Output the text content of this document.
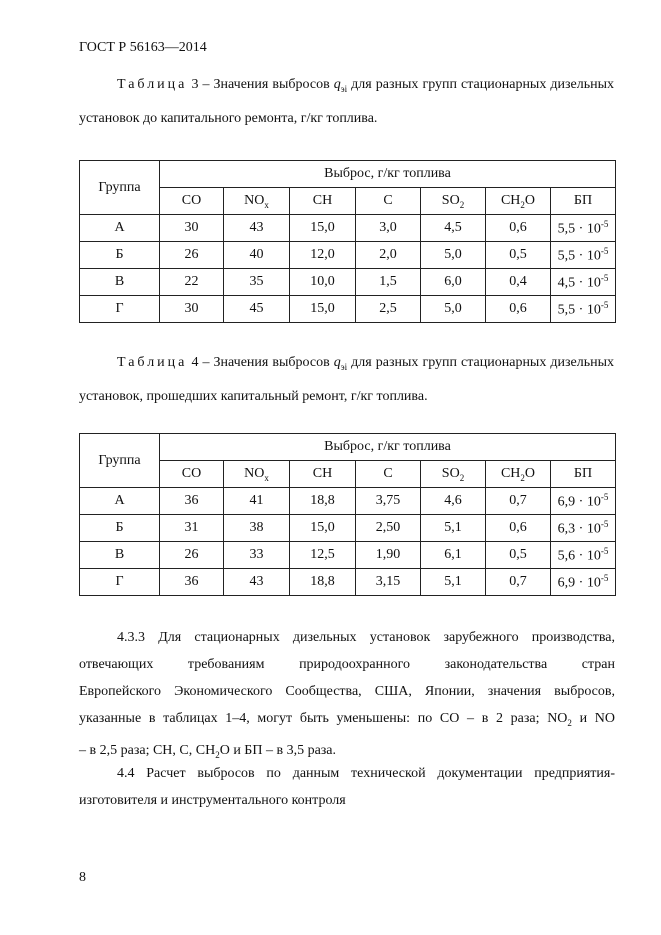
ГОСТ Р 56163—2014
Таблица 3 – Значения выбросов $q_{эi}$ для разных групп стационарных дизельных установок до капитального ремонта, г/кг топлива.
Группа	Выброс, г/кг топлива						
	CO	$NO_x$	CH	C	$SO_2$	$CH_2O$	БП
А	30	43	15,0	3,0	4,5	0,6	$5,5 \cdot 10^{-5}$
Б	26	40	12,0	2,0	5,0	0,5	$5,5 \cdot 10^{-5}$
В	22	35	10,0	1,5	6,0	0,4	$4,5 \cdot 10^{-5}$
Г	30	45	15,0	2,5	5,0	0,6	$5,5 \cdot 10^{-5}$
Таблица 4 – Значения выбросов $q_{эi}$ для разных групп стационарных дизельных установок, прошедших капитальный ремонт, г/кг топлива.
Группа	Выброс, г/кг топлива						
	CO	$NO_x$	CH	C	$SO_2$	$CH_2O$	БП
А	36	41	18,8	3,75	4,6	0,7	$6,9 \cdot 10^{-5}$
Б	31	38	15,0	2,50	5,1	0,6	$6,3 \cdot 10^{-5}$
В	26	33	12,5	1,90	6,1	0,5	$5,6 \cdot 10^{-5}$
Г	36	43	18,8	3,15	5,1	0,7	$6,9 \cdot 10^{-5}$
4.3.3 Для стационарных дизельных установок зарубежного производства,
отвечающих требованиям природоохранного законодательства стран
Европейского Экономического Сообщества, США, Японии, значения выбросов,
указанные в таблицах 1–4, могут быть уменьшены: по CO – в 2 раза; $NO_2$ и NO
– в 2,5 раза; CH, C, $CH_2O$ и БП – в 3,5 раза.
4.4 Расчет выбросов по данным технической документации предприятия-
изготовителя и инструментального контроля
8
